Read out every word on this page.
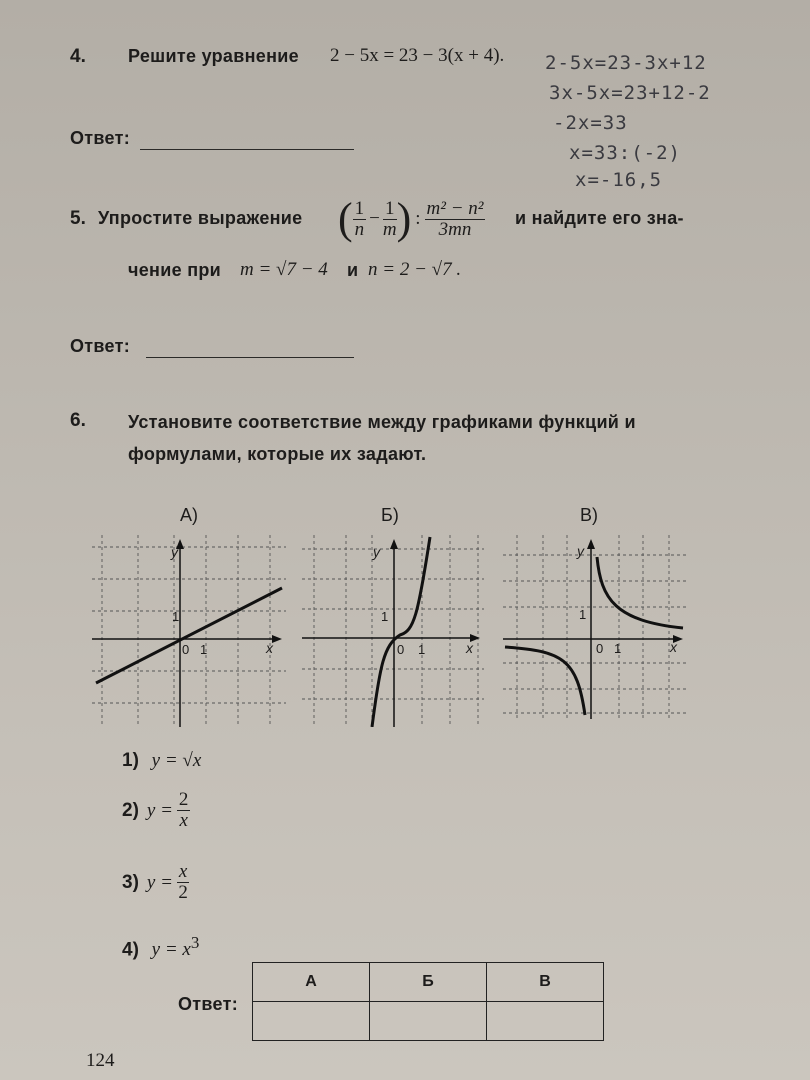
4. Решите уравнение 2 − 5x = 23 − 3(x + 4). 2-5x=23-3x+12
3x-5x=23+12-2
-2x=33
x=33:(-2)
x=-16,5
Ответ:
5. Упростите выражение ( $\frac{1}{n} - \frac{1}{m}$ ) : $\frac{\text{m² − n²}}{3mn}$ и найдите его зна-
чение при m = √7 − 4 и n = 2 − √7 .
Ответ:
6. Установите соответствие между графиками функций и
формулами, которые их задают.
А)
y
x
0 1
1
Б)
y
x
0 1
1
В)
y
x
0 1
1
1) y = √x
2) $y = \frac{2}{x}$
3) $y = \frac{x}{2}$
4) $y = x^3$
Ответ:
А	Б	В

124
